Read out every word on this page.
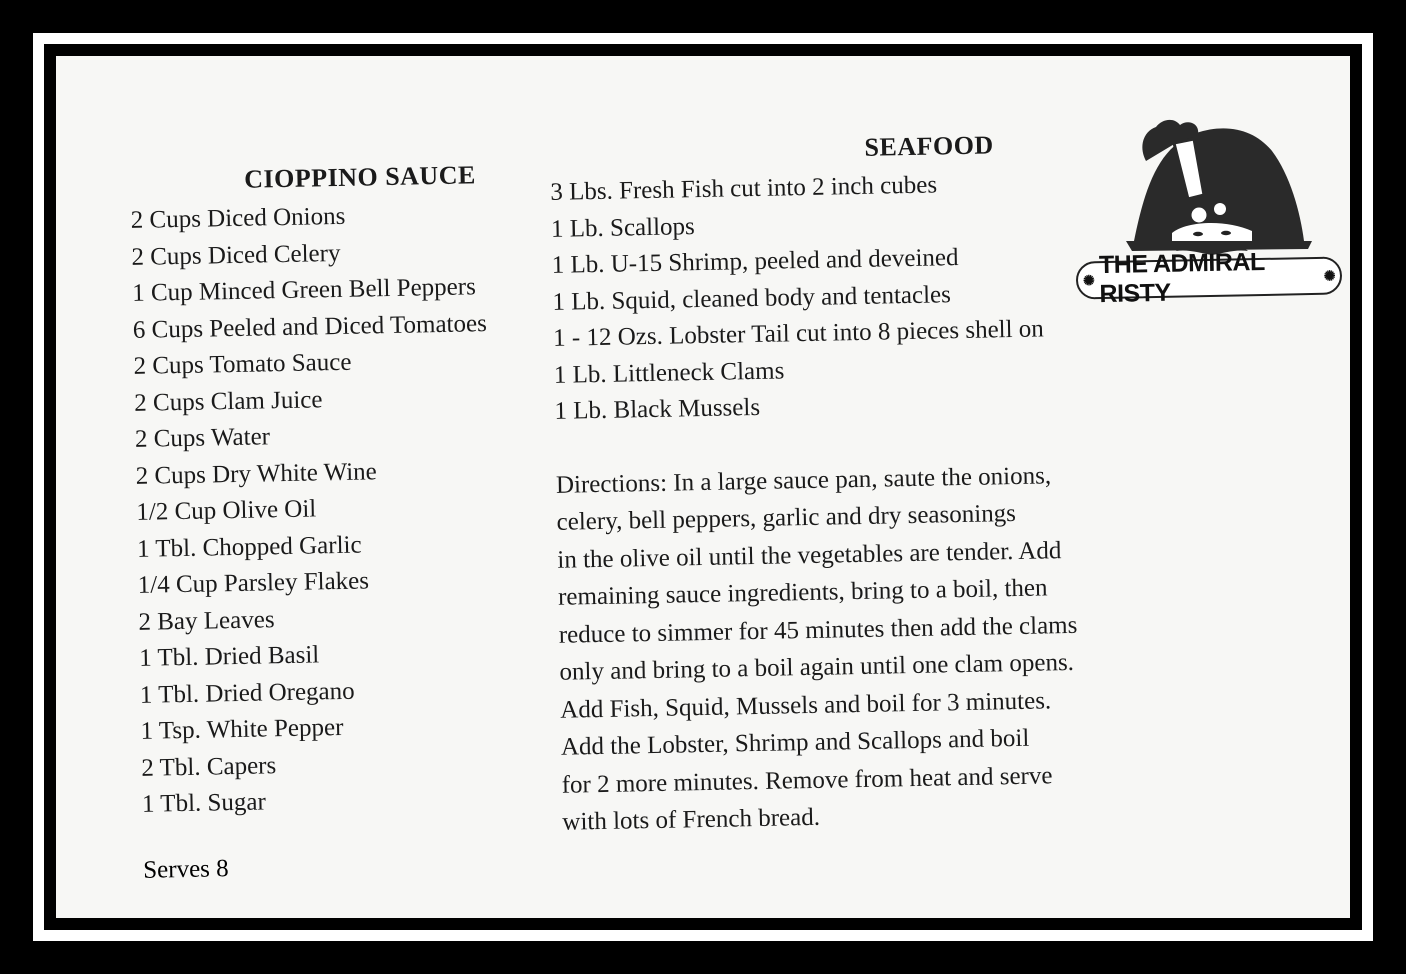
CIOPPINO SAUCE
2 Cups Diced Onions
2 Cups Diced Celery
1 Cup Minced Green Bell Peppers
6 Cups Peeled and Diced Tomatoes
2 Cups Tomato Sauce
2 Cups Clam Juice
2 Cups Water
2 Cups Dry White Wine
1/2 Cup Olive Oil
1 Tbl. Chopped Garlic
1/4 Cup Parsley Flakes
2 Bay Leaves
1 Tbl. Dried Basil
1 Tbl. Dried Oregano
1 Tsp. White Pepper
2 Tbl. Capers
1 Tbl. Sugar
Serves 8
SEAFOOD
3 Lbs. Fresh Fish cut into 2 inch cubes
1 Lb. Scallops
1 Lb. U-15 Shrimp, peeled and deveined
1 Lb. Squid, cleaned body and tentacles
1 - 12 Ozs. Lobster Tail cut into 8 pieces shell on
1 Lb. Littleneck Clams
1 Lb. Black Mussels
Directions: In a large sauce pan, saute the onions,
celery, bell peppers, garlic and dry seasonings
in the olive oil until the vegetables are tender. Add
remaining sauce ingredients, bring to a boil, then
reduce to simmer for 45 minutes then add the clams
only and bring to a boil again until one clam opens.
Add Fish, Squid, Mussels and boil for 3 minutes.
Add the Lobster, Shrimp and Scallops and boil
for 2 more minutes. Remove from heat and serve
with lots of French bread.
✺
THE ADMIRAL RISTY
✺
